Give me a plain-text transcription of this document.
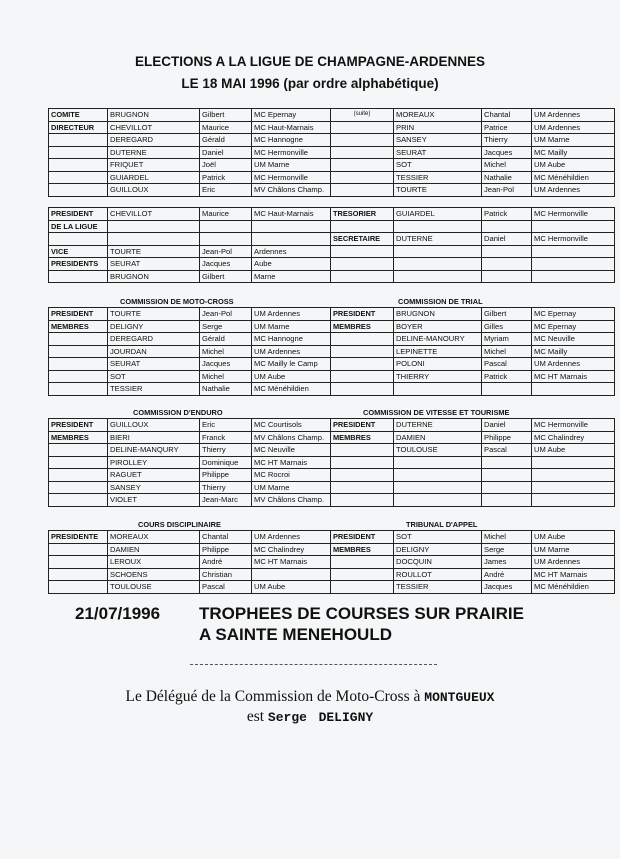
ELECTIONS A LA LIGUE DE CHAMPAGNE-ARDENNES
LE 18 MAI 1996 (par ordre alphabétique)
COMITE	BRUGNON	Gilbert	MC Epernay	(suite)	MOREAUX	Chantal	UM Ardennes
DIRECTEUR	CHEVILLOT	Maurice	MC Haut-Marnais		PRIN	Patrice	UM Ardennes
	DEREGARD	Gérald	MC Hannogne		SANSEY	Thierry	UM Marne
	DUTERNE	Daniel	MC Hermonville		SEURAT	Jacques	MC Mailly
	FRIQUET	Joël	UM Marne		SOT	Michel	UM Aube
	GUIARDEL	Patrick	MC Hermonville		TESSIER	Nathalie	MC Ménéhildien
	GUILLOUX	Eric	MV Châlons Champ.		TOURTE	Jean-Pol	UM Ardennes
PRESIDENT	CHEVILLOT	Maurice	MC Haut-Marnais	TRESORIER	GUIARDEL	Patrick	MC Hermonville
DE LA LIGUE							
				SECRETAIRE	DUTERNE	Daniel	MC Hermonville
VICE	TOURTE	Jean-Pol	Ardennes				
PRESIDENTS	SEURAT	Jacques	Aube				
	BRUGNON	Gilbert	Marne				
COMMISSION DE MOTO-CROSS	COMMISSION DE TRIAL
PRESIDENT	TOURTE	Jean-Pol	UM Ardennes	PRESIDENT	BRUGNON	Gilbert	MC Epernay
MEMBRES	DELIGNY	Serge	UM Marne	MEMBRES	BOYER	Gilles	MC Epernay
	DEREGARD	Gérald	MC Hannogne		DELINE-MANOURY	Myriam	MC Neuville
	JOURDAN	Michel	UM Ardennes		LEPINETTE	Michel	MC Mailly
	SEURAT	Jacques	MC Mailly le Camp		POLONI	Pascal	UM Ardennes
	SOT	Michel	UM Aube		THIERRY	Patrick	MC HT Marnais
	TESSIER	Nathalie	MC Ménéhildien				
COMMISSION D'ENDURO	COMMISSION DE VITESSE ET TOURISME
PRESIDENT	GUILLOUX	Eric	MC Courtisols	PRESIDENT	DUTERNE	Daniel	MC Hermonville
MEMBRES	BIERI	Franck	MV Châlons Champ.	MEMBRES	DAMIEN	Philippe	MC Chalindrey
	DELINE-MANQURY	Thierry	MC Neuville		TOULOUSE	Pascal	UM Aube
	PIROLLEY	Dominique	MC HT Marnais				
	RAGUET	Philippe	MC Rocroi				
	SANSEY	Thierry	UM Marne				
	VIOLET	Jean-Marc	MV Châlons Champ.				
COURS DISCIPLINAIRE	TRIBUNAL D'APPEL
PRESIDENTE	MOREAUX	Chantal	UM Ardennes	PRESIDENT	SOT	Michel	UM Aube
	DAMIEN	Philippe	MC Chalindrey	MEMBRES	DELIGNY	Serge	UM Marne
	LEROUX	André	MC HT Marnais		DOCQUIN	James	UM Ardennes
	SCHOENS	Christian			ROULLOT	André	MC HT Marnais
	TOULOUSE	Pascal	UM Aube		TESSIER	Jacques	MC Ménéhildien
21/07/1996 TROPHEES DE COURSES SUR PRAIRIE
A SAINTE MENEHOULD
Le Délégué de la Commission de Moto-Cross à MONTGUEUX
est Serge DELIGNY
